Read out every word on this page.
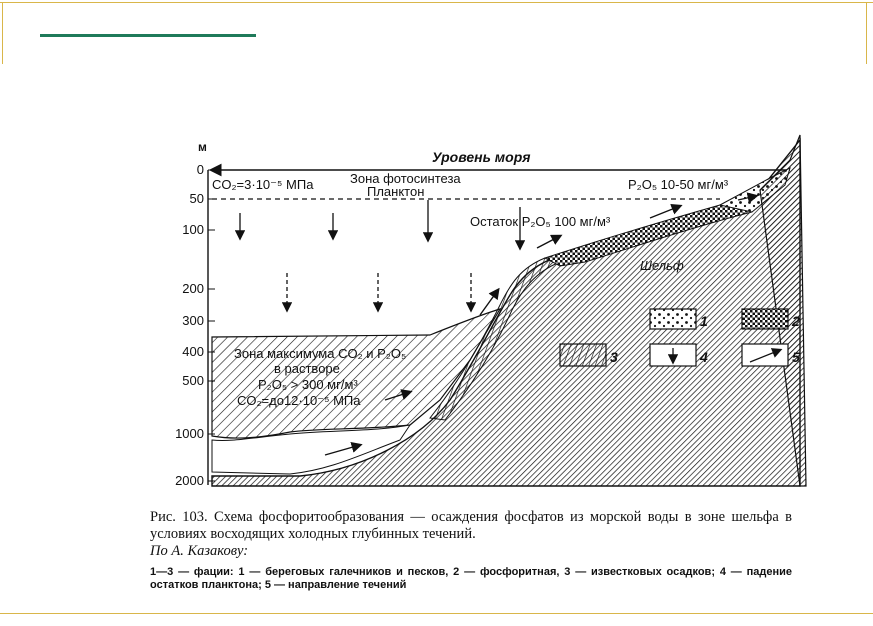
м
0
50
100
200
300
400
500
1000
2000
Уровень моря
CO₂=3·10⁻⁵ МПа	Зона фотосинтеза
Планктон	P₂O₅ 10-50 мг/м³
Остаток P₂O₅ 100 мг/м³
Шельф
Зона максимума CO₂ и P₂O₅
в растворе
P₂O₅ > 300 мг/м³
CO₂=до12·10⁻⁵ МПа
1	2
3	4	5

Рис. 103. Схема фосфоритообразования — осаждения фосфатов из морской воды в зоне шельфа в условиях восходящих холодных глубинных течений.

По А. Казакову:

1—3 — фации: 1 — береговых галечников и песков, 2 — фосфоритная, 3 — известковых осадков; 4 — падение остатков планктона; 5 — направление течений
